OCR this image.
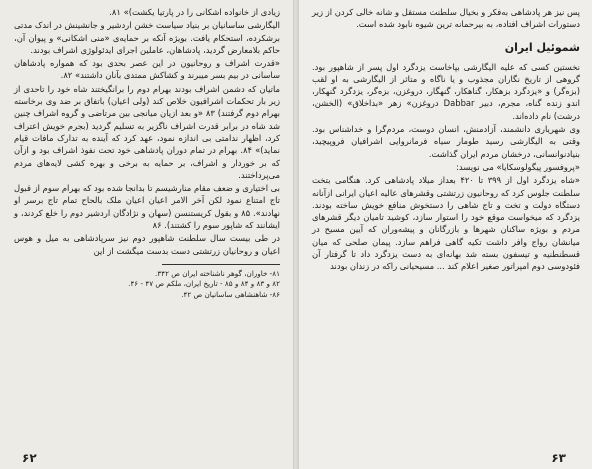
زیادی از خانواده اشکانی را در پارتیا یکشت)» ۸۱.

الیگارشی ساسانیان بر بنیاد سیاست خشن اردشیر و جانشینش در اندک مدتی برشکرده، استحکام یافت. بویژه آنکه بر حمایه‌ی «منی اشکانی» و پیوان آن، حاکم بلامعارض گردید، پادشاهان، عاملین اجرای ایدئولوژی اشراف بودند.

«قدرت اشراف و روحانیون در این عصر بحدی بود که همواره پادشاهان ساسانی در بیم بسر میبرند و کشاکش ممتدی بآنان داشتند» ۸۲.

ماتیان که دشمن اشراف بودند بهرام دوم را برانگیختند شاه خود را تاحدی از زیر بار تحکمات اشرافیون خلاص کند (ولی اعیان) باتفاق بر ضد وی برخاسته بهرام دوم گرفتند) ۸۳ «و بعد ازیان میانجی بین مرتاضی و گروه اشراف چنین شد شاه در برابر قدرت اشراف ناگزیر به تسلیم گردید (بجرم خویش اعتراف کرد، اظهار ندامتی بی اندازه نمود، عهد کرد که آینده به تدارک مافات قیام نماید)» ۸۴. بهرام در تمام دوران پادشاهی خود تحت نفوذ اشراف بود و ازآن که بر خوردار و اشراف، بر حمایه به برخی و بهره کشی لایه‌های مردم می‌پرداختند.

بی اختیاری و ضعف مقام منارشیسم تا بدانجا شده بود که بهرام سوم از قبول تاج امتناع نمود لکن آخر الامر اعیان اعیان ملک بالحاح تمام تاج برسر او نهادند». ۸۵ و بقول کریستنسن (سهان و نژادگان اردشیر دوم را خلع کردند، و ایشانند که شاپور سوم را کشتند). ۸۶

در طی بیست سال سلطنت شاهپور دوم نیز سرپادشاهی به میل و هوس اعیان و روحانیان زرتشتی دست بدست میگشت از این

۸۱- خاوران، گوهر ناشناخته ایران ص ۳۴۲.

۸۲ و ۸۳ و ۸۴ و ۸۵ - تاریخ ایران، ملکم ص ۴۷ - ۴۶.

۸۶- شاهنشاهی ساسانیان ص ۴۲.

۶۲

پس نیز هر پادشاهی به‌فکر و بخیال سلطنت مستقل و شانه خالی کردن از زیر دستورات اشراف افتاده، به بیرحمانه ترین شیوه نابود شده است.

شموئیل ایران

نخستین کسی که علیه الیگارشی بپاخاست یزدگرد اول پسر از شاهپور بود. گروهی از تاریخ نگاران مجذوب و یا ناگاه و متاثر از الیگارشی به او لقب (بزه‌گر) و «یزدگرد بزهکار، گناهکار، گنهگار، دروغزن، بزه‌گر، یزدگرد گنهکار، اندو زنده گناه، مجرم، دبیر Dabbar دروغزن» زهر «بداخلاق» (الخشن، درشت) نام داده‌اند.

وی شهریاری دانشمند، آزادمنش، انسان دوست، مردم‌گرا و خداشناس بود. وقتی به الیگارشی رسید طومار سیاه فرمانروایی اشرافیان فروپیچید، بنیادنوانسانی، درخشان مردم ایران گذاشت.

«پروفسور پیگولوسکایا» می نویسد:

«شاه یزدگرد اول از ۳۹۹ تا ۴۲۰ بعداز میلاد پادشاهی کرد. هنگامی بتخت سلطنت جلوس کرد که روحانیون زرتشتی وقشرهای عالیه اعیان ایرانی ازآنانه دستگاه دولت و تخت و تاج شاهی را دستخوش منافع خویش ساخته بودند. یزدگرد که میخواست موقع خود را استوار سازد، کوشید تامیان دیگر قشرهای مردم و بویژه ساکنان شهرها و بازرگانان و پیشه‌وران که آیین مسیح در میانشان رواج وافر داشت تکیه گاهی فراهم سازد. پیمان صلحی که میان قسطنطنیه و تیسفون بسته شد بهانه‌ای به دست یزدگرد داد تا گرفتار آن فئودوسی دوم امپراتور صغیر اعلام کند ... مسیحیانی راکه در زندان بودند

۶۳
